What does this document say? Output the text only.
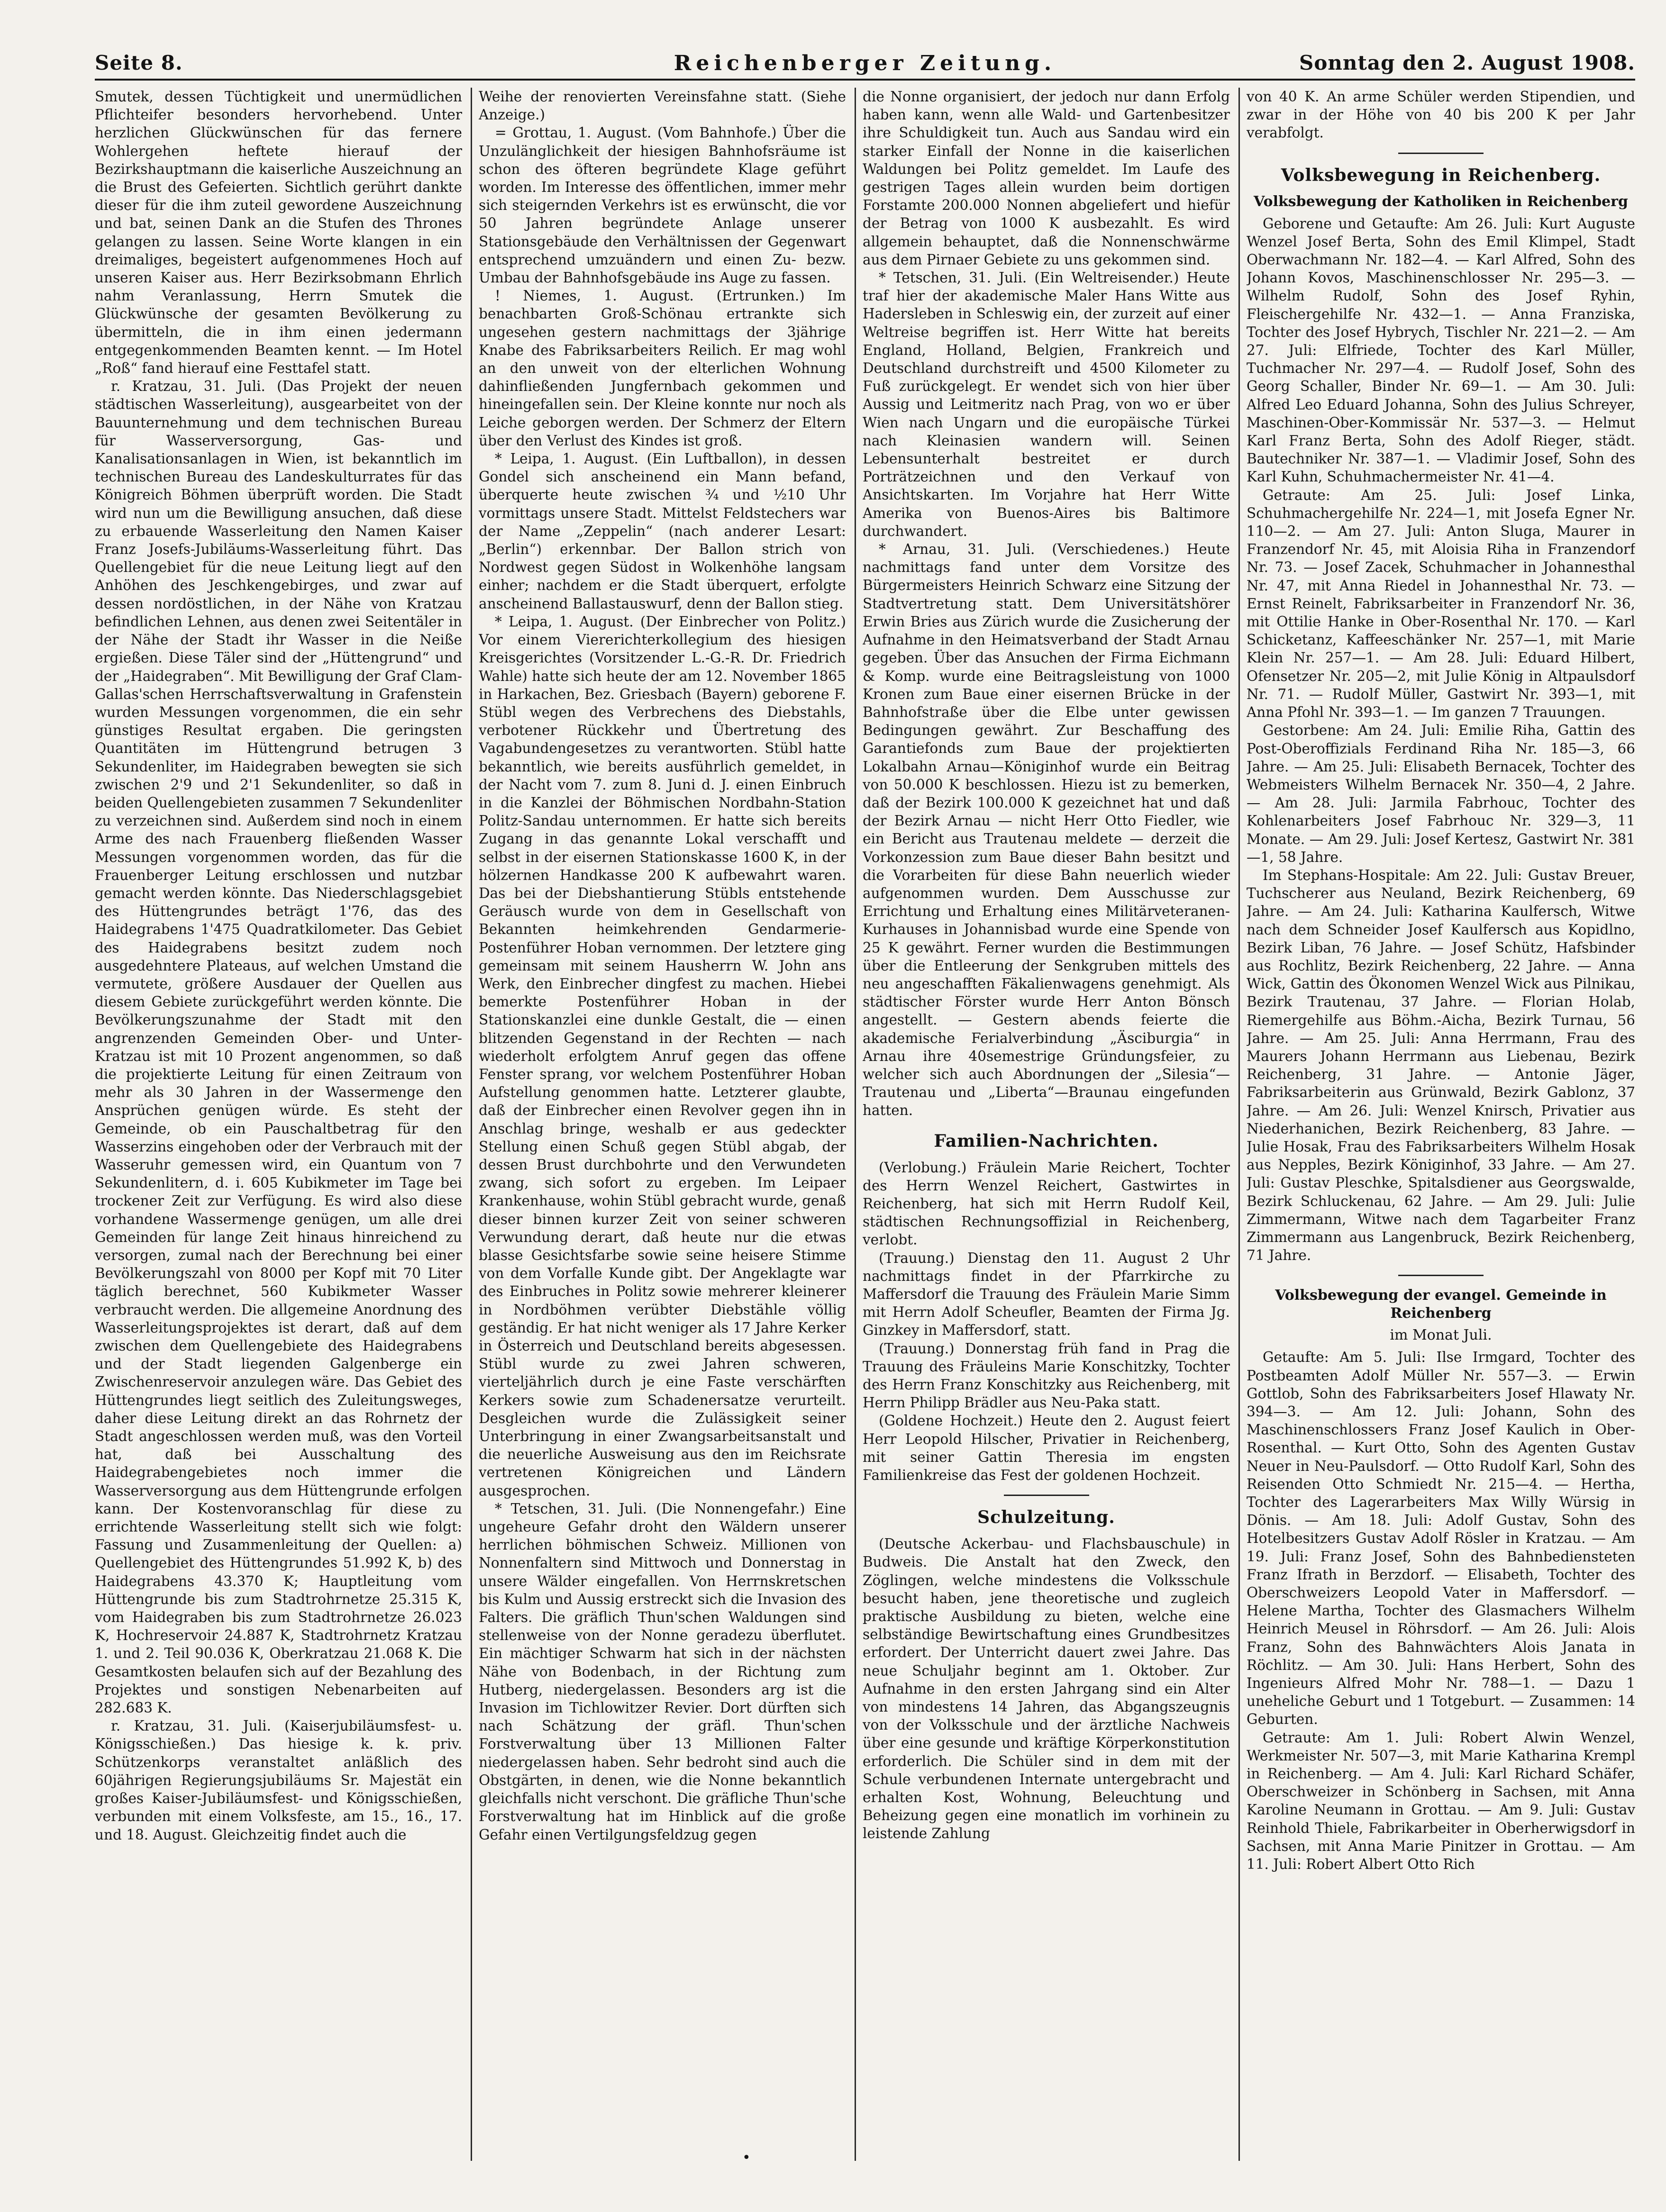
Seite 8.	Reichenberger Zeitung.	Sonntag den 2. August 1908.

Smutek, dessen Tüchtigkeit und unermüdlichen Pflichteifer besonders hervorhebend. Unter herzlichen Glückwünschen für das fernere Wohlergehen heftete hierauf der Bezirkshauptmann die kaiserliche Auszeichnung an die Brust des Gefeierten. Sichtlich gerührt dankte dieser für die ihm zuteil gewordene Auszeichnung und bat, seinen Dank an die Stufen des Thrones gelangen zu lassen. Seine Worte klangen in ein dreimaliges, begeistert aufgenommenes Hoch auf unseren Kaiser aus. Herr Bezirksobmann Ehrlich nahm Veranlassung, Herrn Smutek die Glückwünsche der gesamten Bevölkerung zu übermitteln, die in ihm einen jedermann entgegenkommenden Beamten kennt. — Im Hotel „Roß“ fand hierauf eine Festtafel statt.

r. Kratzau, 31. Juli. (Das Projekt der neuen städtischen Wasserleitung), ausgearbeitet von der Bauunternehmung und dem technischen Bureau für Wasserversorgung, Gas- und Kanalisationsanlagen in Wien, ist bekanntlich im technischen Bureau des Landeskulturrates für das Königreich Böhmen überprüft worden. Die Stadt wird nun um die Bewilligung ansuchen, daß diese zu erbauende Wasserleitung den Namen Kaiser Franz Josefs-Jubiläums-Wasserleitung führt. Das Quellengebiet für die neue Leitung liegt auf den Anhöhen des Jeschkengebirges, und zwar auf dessen nordöstlichen, in der Nähe von Kratzau befindlichen Lehnen, aus denen zwei Seitentäler in der Nähe der Stadt ihr Wasser in die Neiße ergießen. Diese Täler sind der „Hüttengrund“ und der „Haidegraben“. Mit Bewilligung der Graf Clam-Gallas'schen Herrschaftsverwaltung in Grafenstein wurden Messungen vorgenommen, die ein sehr günstiges Resultat ergaben. Die geringsten Quantitäten im Hüttengrund betrugen 3 Sekundenliter, im Haidegraben bewegten sie sich zwischen 2'9 und 2'1 Sekundenliter, so daß in beiden Quellengebieten zusammen 7 Sekundenliter zu verzeichnen sind. Außerdem sind noch in einem Arme des nach Frauenberg fließenden Wasser Messungen vorgenommen worden, das für die Frauenberger Leitung erschlossen und nutzbar gemacht werden könnte. Das Niederschlagsgebiet des Hüttengrundes beträgt 1'76, das des Haidegrabens 1'475 Quadratkilometer. Das Gebiet des Haidegrabens besitzt zudem noch ausgedehntere Plateaus, auf welchen Umstand die vermutete, größere Ausdauer der Quellen aus diesem Gebiete zurückgeführt werden könnte. Die Bevölkerungszunahme der Stadt mit den angrenzenden Gemeinden Ober- und Unter-Kratzau ist mit 10 Prozent angenommen, so daß die projektierte Leitung für einen Zeitraum von mehr als 30 Jahren in der Wassermenge den Ansprüchen genügen würde. Es steht der Gemeinde, ob ein Pauschaltbetrag für den Wasserzins eingehoben oder der Verbrauch mit der Wasseruhr gemessen wird, ein Quantum von 7 Sekundenlitern, d. i. 605 Kubikmeter im Tage bei trockener Zeit zur Verfügung. Es wird also diese vorhandene Wassermenge genügen, um alle drei Gemeinden für lange Zeit hinaus hinreichend zu versorgen, zumal nach der Berechnung bei einer Bevölkerungszahl von 8000 per Kopf mit 70 Liter täglich berechnet, 560 Kubikmeter Wasser verbraucht werden. Die allgemeine Anordnung des Wasserleitungsprojektes ist derart, daß auf dem zwischen dem Quellengebiete des Haidegrabens und der Stadt liegenden Galgenberge ein Zwischenreservoir anzulegen wäre. Das Gebiet des Hüttengrundes liegt seitlich des Zuleitungsweges, daher diese Leitung direkt an das Rohrnetz der Stadt angeschlossen werden muß, was den Vorteil hat, daß bei Ausschaltung des Haidegrabengebietes noch immer die Wasserversorgung aus dem Hüttengrunde erfolgen kann. Der Kostenvoranschlag für diese zu errichtende Wasserleitung stellt sich wie folgt: Fassung und Zusammenleitung der Quellen: a) Quellengebiet des Hüttengrundes 51.992 K, b) des Haidegrabens 43.370 K; Hauptleitung vom Hüttengrunde bis zum Stadtrohrnetze 25.315 K, vom Haidegraben bis zum Stadtrohrnetze 26.023 K, Hochreservoir 24.887 K, Stadtrohrnetz Kratzau 1. und 2. Teil 90.036 K, Oberkratzau 21.068 K. Die Gesamtkosten belaufen sich auf der Bezahlung des Projektes und sonstigen Nebenarbeiten auf 282.683 K.

r. Kratzau, 31. Juli. (Kaiserjubiläumsfest- u. Königsschießen.) Das hiesige k. k. priv. Schützenkorps veranstaltet anläßlich des 60jährigen Regierungsjubiläums Sr. Majestät ein großes Kaiser-Jubiläumsfest- und Königsschießen, verbunden mit einem Volksfeste, am 15., 16., 17. und 18. August. Gleichzeitig findet auch die

Weihe der renovierten Vereinsfahne statt. (Siehe Anzeige.)

= Grottau, 1. August. (Vom Bahnhofe.) Über die Unzulänglichkeit der hiesigen Bahnhofsräume ist schon des öfteren begründete Klage geführt worden. Im Interesse des öffentlichen, immer mehr sich steigernden Verkehrs ist es erwünscht, die vor 50 Jahren begründete Anlage unserer Stationsgebäude den Verhältnissen der Gegenwart entsprechend umzuändern und einen Zu- bezw. Umbau der Bahnhofsgebäude ins Auge zu fassen.

! Niemes, 1. August. (Ertrunken.) Im benachbarten Groß-Schönau ertrankte sich ungesehen gestern nachmittags der 3jährige Knabe des Fabriksarbeiters Reilich. Er mag wohl an den unweit von der elterlichen Wohnung dahinfließenden Jungfernbach gekommen und hineingefallen sein. Der Kleine konnte nur noch als Leiche geborgen werden. Der Schmerz der Eltern über den Verlust des Kindes ist groß.

* Leipa, 1. August. (Ein Luftballon), in dessen Gondel sich anscheinend ein Mann befand, überquerte heute zwischen ¾ und ½10 Uhr vormittags unsere Stadt. Mittelst Feldstechers war der Name „Zeppelin“ (nach anderer Lesart: „Berlin“) erkennbar. Der Ballon strich von Nordwest gegen Südost in Wolkenhöhe langsam einher; nachdem er die Stadt überquert, erfolgte anscheinend Ballastauswurf, denn der Ballon stieg.

* Leipa, 1. August. (Der Einbrecher von Politz.) Vor einem Viererichterkollegium des hiesigen Kreisgerichtes (Vorsitzender L.-G.-R. Dr. Friedrich Wahle) hatte sich heute der am 12. November 1865 in Harkachen, Bez. Griesbach (Bayern) geborene F. Stübl wegen des Verbrechens des Diebstahls, verbotener Rückkehr und Übertretung des Vagabundengesetzes zu verantworten. Stübl hatte bekanntlich, wie bereits ausführlich gemeldet, in der Nacht vom 7. zum 8. Juni d. J. einen Einbruch in die Kanzlei der Böhmischen Nordbahn-Station Politz-Sandau unternommen. Er hatte sich bereits Zugang in das genannte Lokal verschafft und selbst in der eisernen Stationskasse 1600 K, in der hölzernen Handkasse 200 K aufbewahrt waren. Das bei der Diebshantierung Stübls entstehende Geräusch wurde von dem in Gesellschaft von Bekannten heimkehrenden Gendarmerie-Postenführer Hoban vernommen. Der letztere ging gemeinsam mit seinem Hausherrn W. John ans Werk, den Einbrecher dingfest zu machen. Hiebei bemerkte Postenführer Hoban in der Stationskanzlei eine dunkle Gestalt, die — einen blitzenden Gegenstand in der Rechten — nach wiederholt erfolgtem Anruf gegen das offene Fenster sprang, vor welchem Postenführer Hoban Aufstellung genommen hatte. Letzterer glaubte, daß der Einbrecher einen Revolver gegen ihn in Anschlag bringe, weshalb er aus gedeckter Stellung einen Schuß gegen Stübl abgab, der dessen Brust durchbohrte und den Verwundeten zwang, sich sofort zu ergeben. Im Leipaer Krankenhause, wohin Stübl gebracht wurde, genaß dieser binnen kurzer Zeit von seiner schweren Verwundung derart, daß heute nur die etwas blasse Gesichtsfarbe sowie seine heisere Stimme von dem Vorfalle Kunde gibt. Der Angeklagte war des Einbruches in Politz sowie mehrerer kleinerer in Nordböhmen verübter Diebstähle völlig geständig. Er hat nicht weniger als 17 Jahre Kerker in Österreich und Deutschland bereits abgesessen. Stübl wurde zu zwei Jahren schweren, vierteljährlich durch je eine Faste verschärften Kerkers sowie zum Schadenersatze verurteilt. Desgleichen wurde die Zulässigkeit seiner Unterbringung in einer Zwangsarbeitsanstalt und die neuerliche Ausweisung aus den im Reichsrate vertretenen Königreichen und Ländern ausgesprochen.

* Tetschen, 31. Juli. (Die Nonnengefahr.) Eine ungeheure Gefahr droht den Wäldern unserer herrlichen böhmischen Schweiz. Millionen von Nonnenfaltern sind Mittwoch und Donnerstag in unsere Wälder eingefallen. Von Herrnskretschen bis Kulm und Aussig erstreckt sich die Invasion des Falters. Die gräflich Thun'schen Waldungen sind stellenweise von der Nonne geradezu überflutet. Ein mächtiger Schwarm hat sich in der nächsten Nähe von Bodenbach, in der Richtung zum Hutberg, niedergelassen. Besonders arg ist die Invasion im Tichlowitzer Revier. Dort dürften sich nach Schätzung der gräfl. Thun'schen Forstverwaltung über 13 Millionen Falter niedergelassen haben. Sehr bedroht sind auch die Obstgärten, in denen, wie die Nonne bekanntlich gleichfalls nicht verschont. Die gräfliche Thun'sche Forstverwaltung hat im Hinblick auf die große Gefahr einen Vertilgungsfeldzug gegen

die Nonne organisiert, der jedoch nur dann Erfolg haben kann, wenn alle Wald- und Gartenbesitzer ihre Schuldigkeit tun. Auch aus Sandau wird ein starker Einfall der Nonne in die kaiserlichen Waldungen bei Politz gemeldet. Im Laufe des gestrigen Tages allein wurden beim dortigen Forstamte 200.000 Nonnen abgeliefert und hiefür der Betrag von 1000 K ausbezahlt. Es wird allgemein behauptet, daß die Nonnenschwärme aus dem Pirnaer Gebiete zu uns gekommen sind.

* Tetschen, 31. Juli. (Ein Weltreisender.) Heute traf hier der akademische Maler Hans Witte aus Hadersleben in Schleswig ein, der zurzeit auf einer Weltreise begriffen ist. Herr Witte hat bereits England, Holland, Belgien, Frankreich und Deutschland durchstreift und 4500 Kilometer zu Fuß zurückgelegt. Er wendet sich von hier über Aussig und Leitmeritz nach Prag, von wo er über Wien nach Ungarn und die europäische Türkei nach Kleinasien wandern will. Seinen Lebensunterhalt bestreitet er durch Porträtzeichnen und den Verkauf von Ansichtskarten. Im Vorjahre hat Herr Witte Amerika von Buenos-Aires bis Baltimore durchwandert.

* Arnau, 31. Juli. (Verschiedenes.) Heute nachmittags fand unter dem Vorsitze des Bürgermeisters Heinrich Schwarz eine Sitzung der Stadtvertretung statt. Dem Universitätshörer Erwin Bries aus Zürich wurde die Zusicherung der Aufnahme in den Heimatsverband der Stadt Arnau gegeben. Über das Ansuchen der Firma Eichmann & Komp. wurde eine Beitragsleistung von 1000 Kronen zum Baue einer eisernen Brücke in der Bahnhofstraße über die Elbe unter gewissen Bedingungen gewährt. Zur Beschaffung des Garantiefonds zum Baue der projektierten Lokalbahn Arnau—Königinhof wurde ein Beitrag von 50.000 K beschlossen. Hiezu ist zu bemerken, daß der Bezirk 100.000 K gezeichnet hat und daß der Bezirk Arnau — nicht Herr Otto Fiedler, wie ein Bericht aus Trautenau meldete — derzeit die Vorkonzession zum Baue dieser Bahn besitzt und die Vorarbeiten für diese Bahn neuerlich wieder aufgenommen wurden. Dem Ausschusse zur Errichtung und Erhaltung eines Militärveteranen-Kurhauses in Johannisbad wurde eine Spende von 25 K gewährt. Ferner wurden die Bestimmungen über die Entleerung der Senkgruben mittels des neu angeschafften Fäkalienwagens genehmigt. Als städtischer Förster wurde Herr Anton Bönsch angestellt. — Gestern abends feierte die akademische Ferialverbindung „Äsciburgia“ in Arnau ihre 40semestrige Gründungsfeier, zu welcher sich auch Abordnungen der „Silesia“—Trautenau und „Liberta“—Braunau eingefunden hatten.

Familien-Nachrichten.

(Verlobung.) Fräulein Marie Reichert, Tochter des Herrn Wenzel Reichert, Gastwirtes in Reichenberg, hat sich mit Herrn Rudolf Keil, städtischen Rechnungsoffizial in Reichenberg, verlobt.

(Trauung.) Dienstag den 11. August 2 Uhr nachmittags findet in der Pfarrkirche zu Maffersdorf die Trauung des Fräulein Marie Simm mit Herrn Adolf Scheufler, Beamten der Firma Jg. Ginzkey in Maffersdorf, statt.

(Trauung.) Donnerstag früh fand in Prag die Trauung des Fräuleins Marie Konschitzky, Tochter des Herrn Franz Konschitzky aus Reichenberg, mit Herrn Philipp Brädler aus Neu-Paka statt.

(Goldene Hochzeit.) Heute den 2. August feiert Herr Leopold Hilscher, Privatier in Reichenberg, mit seiner Gattin Theresia im engsten Familienkreise das Fest der goldenen Hochzeit.

Schulzeitung.

(Deutsche Ackerbau- und Flachsbauschule) in Budweis. Die Anstalt hat den Zweck, den Zöglingen, welche mindestens die Volksschule besucht haben, jene theoretische und zugleich praktische Ausbildung zu bieten, welche eine selbständige Bewirtschaftung eines Grundbesitzes erfordert. Der Unterricht dauert zwei Jahre. Das neue Schuljahr beginnt am 1. Oktober. Zur Aufnahme in den ersten Jahrgang sind ein Alter von mindestens 14 Jahren, das Abgangszeugnis von der Volksschule und der ärztliche Nachweis über eine gesunde und kräftige Körperkonstitution erforderlich. Die Schüler sind in dem mit der Schule verbundenen Internate untergebracht und erhalten Kost, Wohnung, Beleuchtung und Beheizung gegen eine monatlich im vorhinein zu leistende Zahlung

von 40 K. An arme Schüler werden Stipendien, und zwar in der Höhe von 40 bis 200 K per Jahr verabfolgt.

Volksbewegung in Reichenberg.
Volksbewegung der Katholiken in Reichenberg

Geborene und Getaufte: Am 26. Juli: Kurt Auguste Wenzel Josef Berta, Sohn des Emil Klimpel, Stadt Oberwachmann Nr. 182—4. — Karl Alfred, Sohn des Johann Kovos, Maschinenschlosser Nr. 295—3. — Wilhelm Rudolf, Sohn des Josef Ryhin, Fleischergehilfe Nr. 432—1. — Anna Franziska, Tochter des Josef Hybrych, Tischler Nr. 221—2. — Am 27. Juli: Elfriede, Tochter des Karl Müller, Tuchmacher Nr. 297—4. — Rudolf Josef, Sohn des Georg Schaller, Binder Nr. 69—1. — Am 30. Juli: Alfred Leo Eduard Johanna, Sohn des Julius Schreyer, Maschinen-Ober-Kommissär Nr. 537—3. — Helmut Karl Franz Berta, Sohn des Adolf Rieger, städt. Bautechniker Nr. 387—1. — Vladimir Josef, Sohn des Karl Kuhn, Schuhmachermeister Nr. 41—4.

Getraute: Am 25. Juli: Josef Linka, Schuhmachergehilfe Nr. 224—1, mit Josefa Egner Nr. 110—2. — Am 27. Juli: Anton Sluga, Maurer in Franzendorf Nr. 45, mit Aloisia Riha in Franzendorf Nr. 73. — Josef Zacek, Schuhmacher in Johannesthal Nr. 47, mit Anna Riedel in Johannesthal Nr. 73. — Ernst Reinelt, Fabriksarbeiter in Franzendorf Nr. 36, mit Ottilie Hanke in Ober-Rosenthal Nr. 170. — Karl Schicketanz, Kaffeeschänker Nr. 257—1, mit Marie Klein Nr. 257—1. — Am 28. Juli: Eduard Hilbert, Ofensetzer Nr. 205—2, mit Julie König in Altpaulsdorf Nr. 71. — Rudolf Müller, Gastwirt Nr. 393—1, mit Anna Pfohl Nr. 393—1. — Im ganzen 7 Trauungen.

Gestorbene: Am 24. Juli: Emilie Riha, Gattin des Post-Oberoffizials Ferdinand Riha Nr. 185—3, 66 Jahre. — Am 25. Juli: Elisabeth Bernacek, Tochter des Webmeisters Wilhelm Bernacek Nr. 350—4, 2 Jahre. — Am 28. Juli: Jarmila Fabrhouc, Tochter des Kohlenarbeiters Josef Fabrhouc Nr. 329—3, 11 Monate. — Am 29. Juli: Josef Kertesz, Gastwirt Nr. 381—1, 58 Jahre.

Im Stephans-Hospitale: Am 22. Juli: Gustav Breuer, Tuchscherer aus Neuland, Bezirk Reichenberg, 69 Jahre. — Am 24. Juli: Katharina Kaulfersch, Witwe nach dem Schneider Josef Kaulfersch aus Kopidlno, Bezirk Liban, 76 Jahre. — Josef Schütz, Hafsbinder aus Rochlitz, Bezirk Reichenberg, 22 Jahre. — Anna Wick, Gattin des Ökonomen Wenzel Wick aus Pilnikau, Bezirk Trautenau, 37 Jahre. — Florian Holab, Riemergehilfe aus Böhm.-Aicha, Bezirk Turnau, 56 Jahre. — Am 25. Juli: Anna Herrmann, Frau des Maurers Johann Herrmann aus Liebenau, Bezirk Reichenberg, 31 Jahre. — Antonie Jäger, Fabriksarbeiterin aus Grünwald, Bezirk Gablonz, 37 Jahre. — Am 26. Juli: Wenzel Knirsch, Privatier aus Niederhanichen, Bezirk Reichenberg, 83 Jahre. — Julie Hosak, Frau des Fabriksarbeiters Wilhelm Hosak aus Nepples, Bezirk Königinhof, 33 Jahre. — Am 27. Juli: Gustav Pleschke, Spitalsdiener aus Georgswalde, Bezirk Schluckenau, 62 Jahre. — Am 29. Juli: Julie Zimmermann, Witwe nach dem Tagarbeiter Franz Zimmermann aus Langenbruck, Bezirk Reichenberg, 71 Jahre.

Volksbewegung der evangel. Gemeinde in Reichenberg
im Monat Juli.

Getaufte: Am 5. Juli: Ilse Irmgard, Tochter des Postbeamten Adolf Müller Nr. 557—3. — Erwin Gottlob, Sohn des Fabriksarbeiters Josef Hlawaty Nr. 394—3. — Am 12. Juli: Johann, Sohn des Maschinenschlossers Franz Josef Kaulich in Ober-Rosenthal. — Kurt Otto, Sohn des Agenten Gustav Neuer in Neu-Paulsdorf. — Otto Rudolf Karl, Sohn des Reisenden Otto Schmiedt Nr. 215—4. — Hertha, Tochter des Lagerarbeiters Max Willy Würsig in Dönis. — Am 18. Juli: Adolf Gustav, Sohn des Hotelbesitzers Gustav Adolf Rösler in Kratzau. — Am 19. Juli: Franz Josef, Sohn des Bahnbediensteten Franz Ifrath in Berzdorf. — Elisabeth, Tochter des Oberschweizers Leopold Vater in Maffersdorf. — Helene Martha, Tochter des Glasmachers Wilhelm Heinrich Meusel in Röhrsdorf. — Am 26. Juli: Alois Franz, Sohn des Bahnwächters Alois Janata in Röchlitz. — Am 30. Juli: Hans Herbert, Sohn des Ingenieurs Alfred Mohr Nr. 788—1. — Dazu 1 uneheliche Geburt und 1 Totgeburt. — Zusammen: 14 Geburten.

Getraute: Am 1. Juli: Robert Alwin Wenzel, Werkmeister Nr. 507—3, mit Marie Katharina Krempl in Reichenberg. — Am 4. Juli: Karl Richard Schäfer, Oberschweizer in Schönberg in Sachsen, mit Anna Karoline Neumann in Grottau. — Am 9. Juli: Gustav Reinhold Thiele, Fabrikarbeiter in Oberherwigsdorf in Sachsen, mit Anna Marie Pinitzer in Grottau. — Am 11. Juli: Robert Albert Otto Rich

•
